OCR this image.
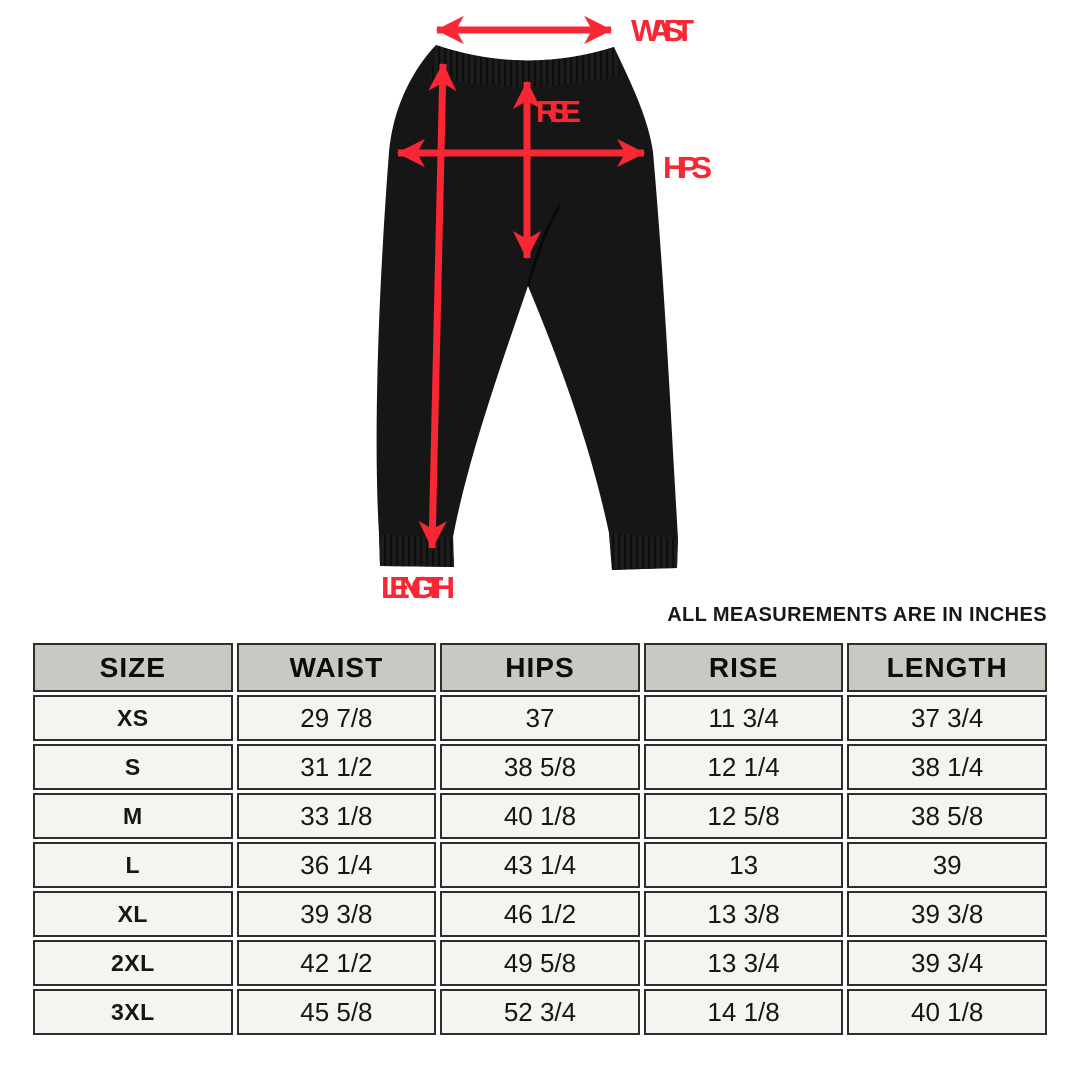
WAIST
RISE
HIPS
LENGTH
ALL MEASUREMENTS ARE IN INCHES
SIZE	WAIST	HIPS	RISE	LENGTH
XS	29 7/8	37	11 3/4	37 3/4
S	31 1/2	38 5/8	12 1/4	38 1/4
M	33 1/8	40 1/8	12 5/8	38 5/8
L	36 1/4	43 1/4	13	39
XL	39 3/8	46 1/2	13 3/8	39 3/8
2XL	42 1/2	49 5/8	13 3/4	39 3/4
3XL	45 5/8	52 3/4	14 1/8	40 1/8
